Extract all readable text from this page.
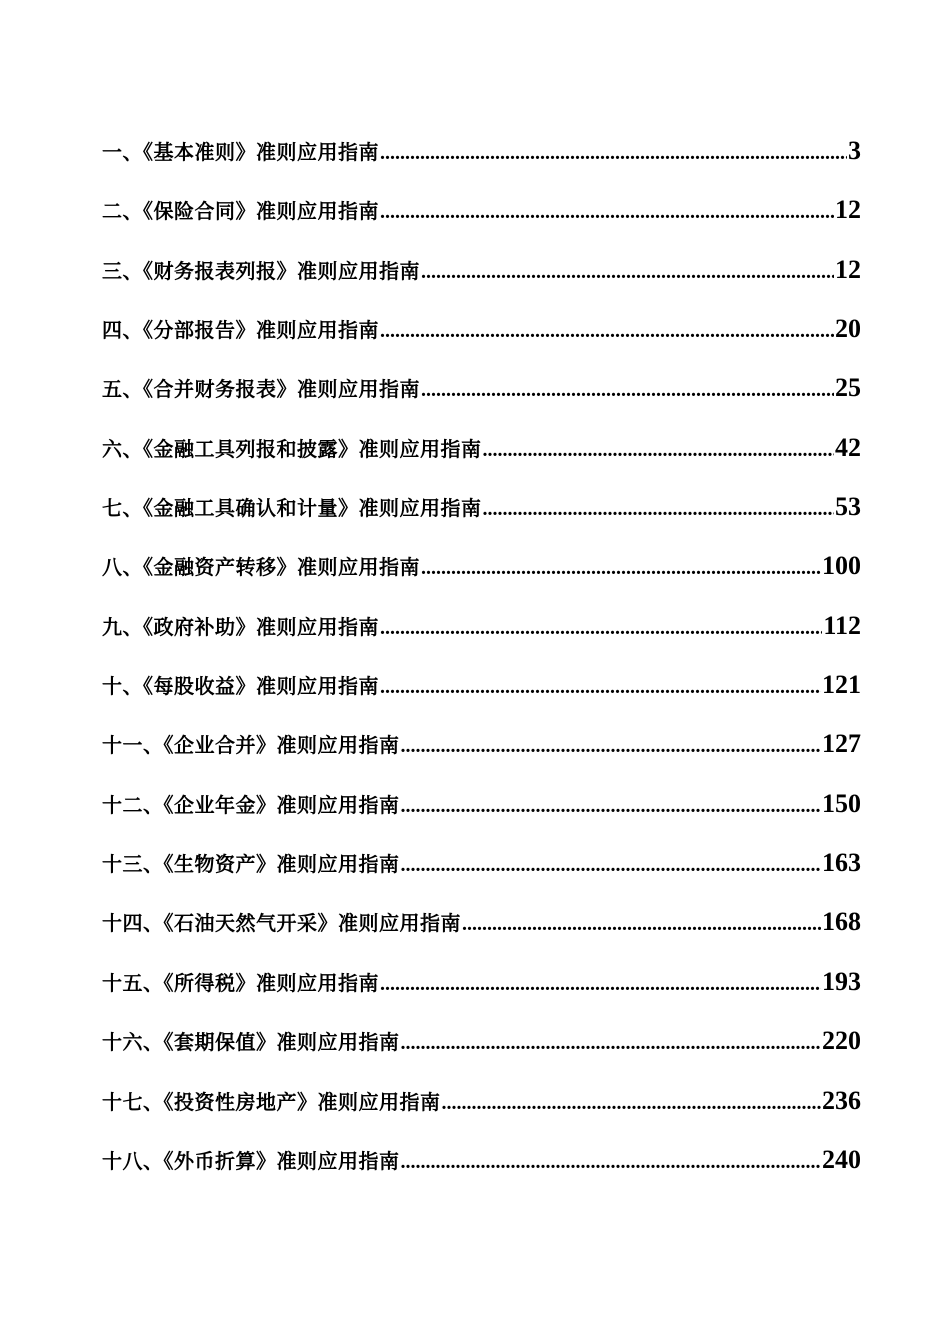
一、《基本准则》准则应用指南 .....	3
二、《保险合同》准则应用指南 .....	12
三、《财务报表列报》准则应用指南 .....	12
四、《分部报告》准则应用指南 .....	20
五、《合并财务报表》准则应用指南 .....	25
六、《金融工具列报和披露》准则应用指南 .....	42
七、《金融工具确认和计量》准则应用指南 .....	53
八、《金融资产转移》准则应用指南 .....	100
九、《政府补助》准则应用指南 .....	112
十、《每股收益》准则应用指南 .....	121
十一、《企业合并》准则应用指南 .....	127
十二、《企业年金》准则应用指南 .....	150
十三、《生物资产》准则应用指南 .....	163
十四、《石油天然气开采》准则应用指南 .....	168
十五、《所得税》准则应用指南 .....	193
十六、《套期保值》准则应用指南 .....	220
十七、《投资性房地产》准则应用指南 .....	236
十八、《外币折算》准则应用指南 .....	240
